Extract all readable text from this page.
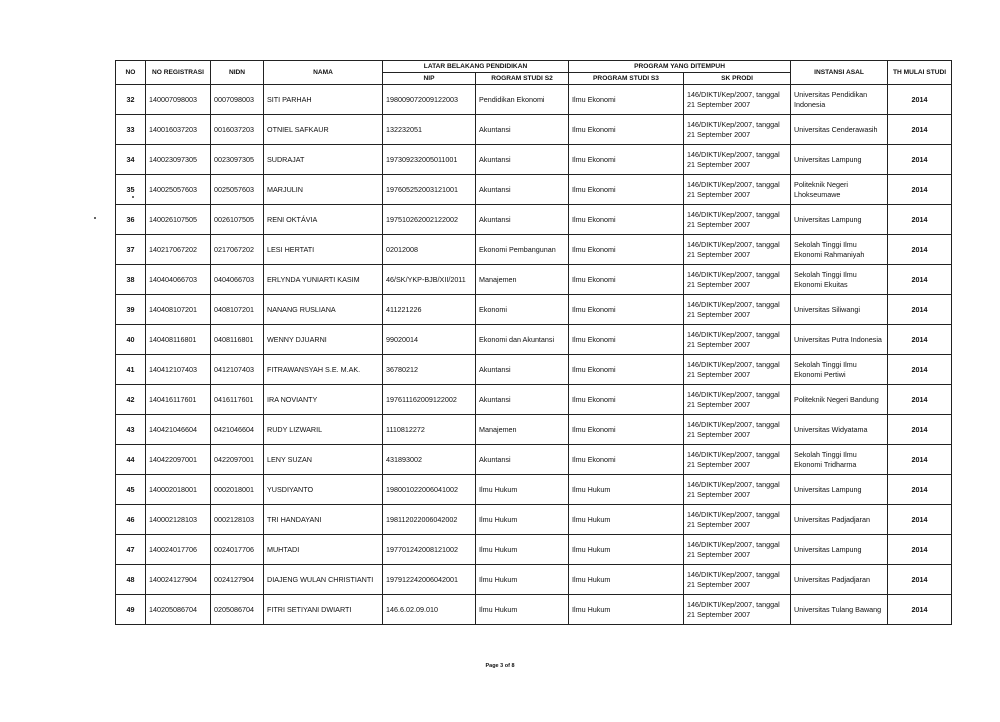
NO	NO REGISTRASI	NIDN	NAMA	LATAR BELAKANG PENDIDIKAN		PROGRAM YANG DITEMPUH		INSTANSI ASAL	TH MULAI STUDI
				NIP	ROGRAM STUDI S2	PROGRAM STUDI S3	SK PRODI		
32	140007098003	0007098003	SITI PARHAH	198009072009122003	Pendidikan Ekonomi	Ilmu Ekonomi	146/DIKTI/Kep/2007, tanggal 21 September 2007	Universitas Pendidikan Indonesia	2014
33	140016037203	0016037203	OTNIEL SAFKAUR	132232051	Akuntansi	Ilmu Ekonomi	146/DIKTI/Kep/2007, tanggal 21 September 2007	Universitas Cenderawasih	2014
34	140023097305	0023097305	SUDRAJAT	197309232005011001	Akuntansi	Ilmu Ekonomi	146/DIKTI/Kep/2007, tanggal 21 September 2007	Universitas Lampung	2014
35	140025057603	0025057603	MARJULIN	197605252003121001	Akuntansi	Ilmu Ekonomi	146/DIKTI/Kep/2007, tanggal 21 September 2007	Politeknik Negeri Lhokseumawe	2014
36	140026107505	0026107505	RENI OKTÁVIA	197510262002122002	Akuntansi	Ilmu Ekonomi	146/DIKTI/Kep/2007, tanggal 21 September 2007	Universitas Lampung	2014
37	140217067202	0217067202	LESI HERTATI	02012008	Ekonomi Pembangunan	Ilmu Ekonomi	146/DIKTI/Kep/2007, tanggal 21 September 2007	Sekolah Tinggi Ilmu Ekonomi Rahmaniyah	2014
38	140404066703	0404066703	ERLYNDA YUNIARTI KASIM	46/SK/YKP-BJB/XII/2011	Manajemen	Ilmu Ekonomi	146/DIKTI/Kep/2007, tanggal 21 September 2007	Sekolah Tinggi Ilmu Ekonomi Ekuitas	2014
39	140408107201	0408107201	NANANG RUSLIANA	411221226	Ekonomi	Ilmu Ekonomi	146/DIKTI/Kep/2007, tanggal 21 September 2007	Universitas Siliwangi	2014
40	140408116801	0408116801	WENNY DJUARNI	99020014	Ekonomi dan Akuntansi	Ilmu Ekonomi	146/DIKTI/Kep/2007, tanggal 21 September 2007	Universitas Putra Indonesia	2014
41	140412107403	0412107403	FITRAWANSYAH S.E. M.AK.	36780212	Akuntansi	Ilmu Ekonomi	146/DIKTI/Kep/2007, tanggal 21 September 2007	Sekolah Tinggi Ilmu Ekonomi Pertiwi	2014
42	140416117601	0416117601	IRA NOVIANTY	197611162009122002	Akuntansi	Ilmu Ekonomi	146/DIKTI/Kep/2007, tanggal 21 September 2007	Politeknik Negeri Bandung	2014
43	140421046604	0421046604	RUDY LIZWARIL	1110812272	Manajemen	Ilmu Ekonomi	146/DIKTI/Kep/2007, tanggal 21 September 2007	Universitas Widyatama	2014
44	140422097001	0422097001	LENY SUZAN	431893002	Akuntansi	Ilmu Ekonomi	146/DIKTI/Kep/2007, tanggal 21 September 2007	Sekolah Tinggi Ilmu Ekonomi Tridharma	2014
45	140002018001	0002018001	YUSDIYANTO	198001022006041002	Ilmu Hukum	Ilmu Hukum	146/DIKTI/Kep/2007, tanggal 21 September 2007	Universitas Lampung	2014
46	140002128103	0002128103	TRI HANDAYANI	198112022006042002	Ilmu Hukum	Ilmu Hukum	146/DIKTI/Kep/2007, tanggal 21 September 2007	Universitas Padjadjaran	2014
47	140024017706	0024017706	MUHTADI	197701242008121002	Ilmu Hukum	Ilmu Hukum	146/DIKTI/Kep/2007, tanggal 21 September 2007	Universitas Lampung	2014
48	140024127904	0024127904	DIAJENG WULAN CHRISTIANTI	197912242006042001	Ilmu Hukum	Ilmu Hukum	146/DIKTI/Kep/2007, tanggal 21 September 2007	Universitas Padjadjaran	2014
49	140205086704	0205086704	FITRI SETIYANI DWIARTI	146.6.02.09.010	Ilmu Hukum	Ilmu Hukum	146/DIKTI/Kep/2007, tanggal 21 September 2007	Universitas Tulang Bawang	2014
Page 3 of 8
